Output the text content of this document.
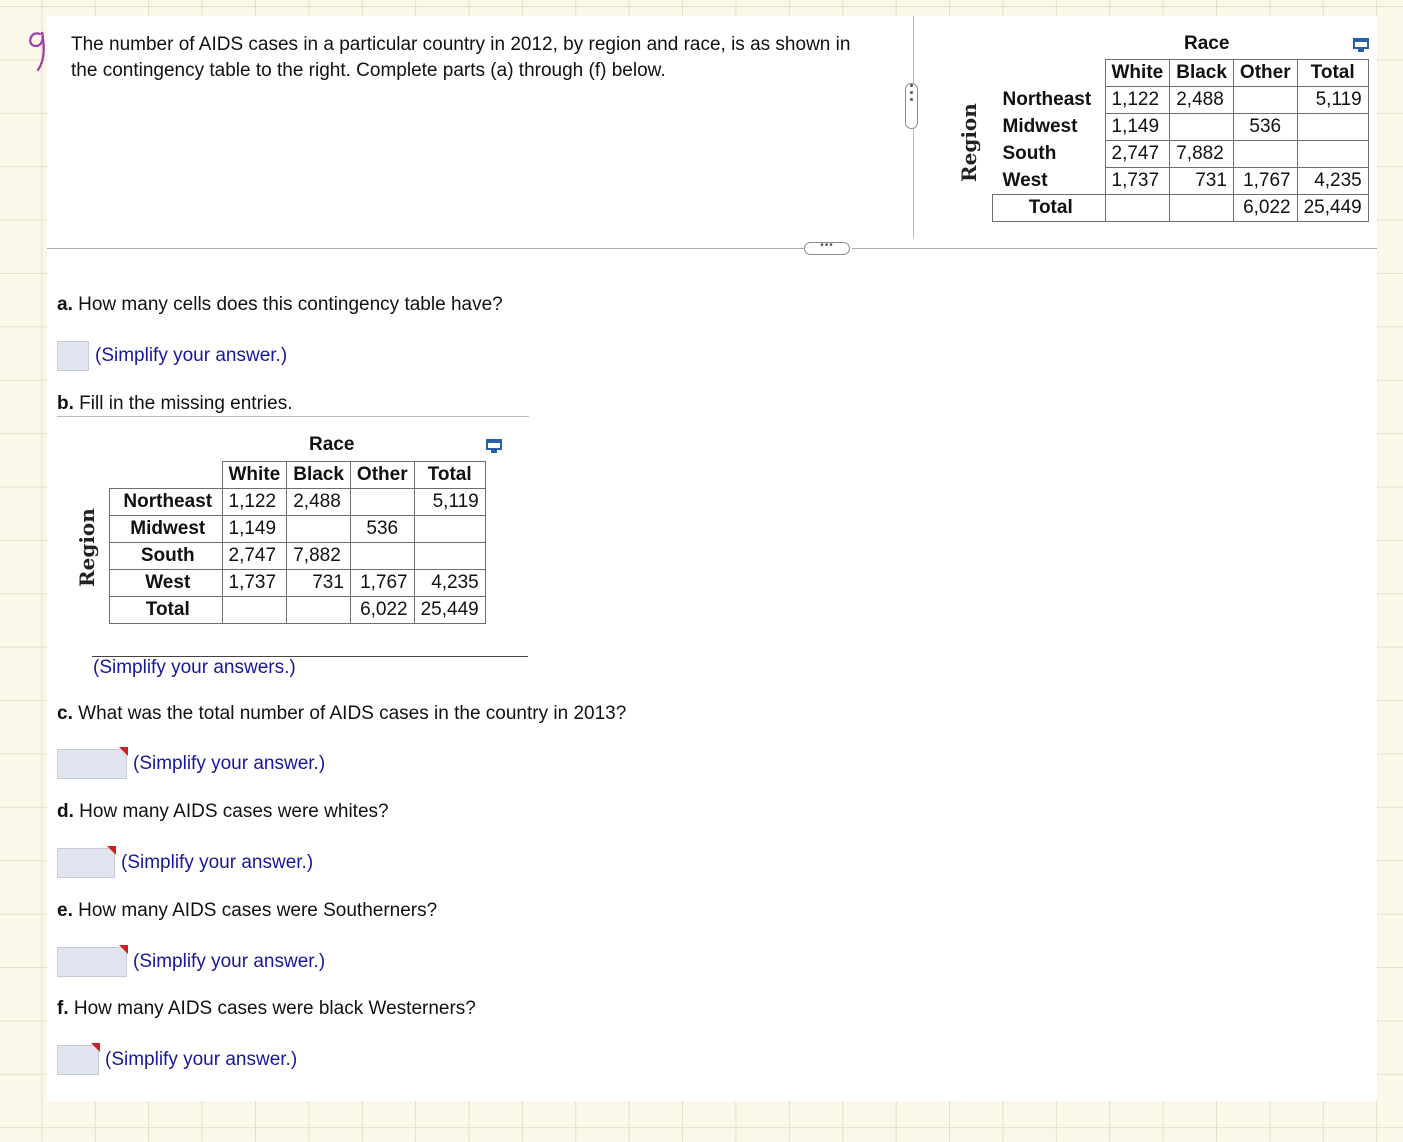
The number of AIDS cases in a particular country in 2012, by region and race, is as shown in the contingency table to the right. Complete parts (a) through (f) below.
•••
Race
Region
	White	Black	Other	Total
Northeast	1,122	2,488		5,119
Midwest	1,149		536	
South	2,747	7,882		
West	1,737	731	1,767	4,235
Total			6,022	25,449
a. How many cells does this contingency table have?
(Simplify your answer.)
b. Fill in the missing entries.
Race
Region
	White	Black	Other	Total
Northeast	1,122	2,488		5,119
Midwest	1,149		536	
South	2,747	7,882		
West	1,737	731	1,767	4,235
Total			6,022	25,449
(Simplify your answers.)
c. What was the total number of AIDS cases in the country in 2013?
(Simplify your answer.)
d. How many AIDS cases were whites?
(Simplify your answer.)
e. How many AIDS cases were Southerners?
(Simplify your answer.)
f. How many AIDS cases were black Westerners?
(Simplify your answer.)
